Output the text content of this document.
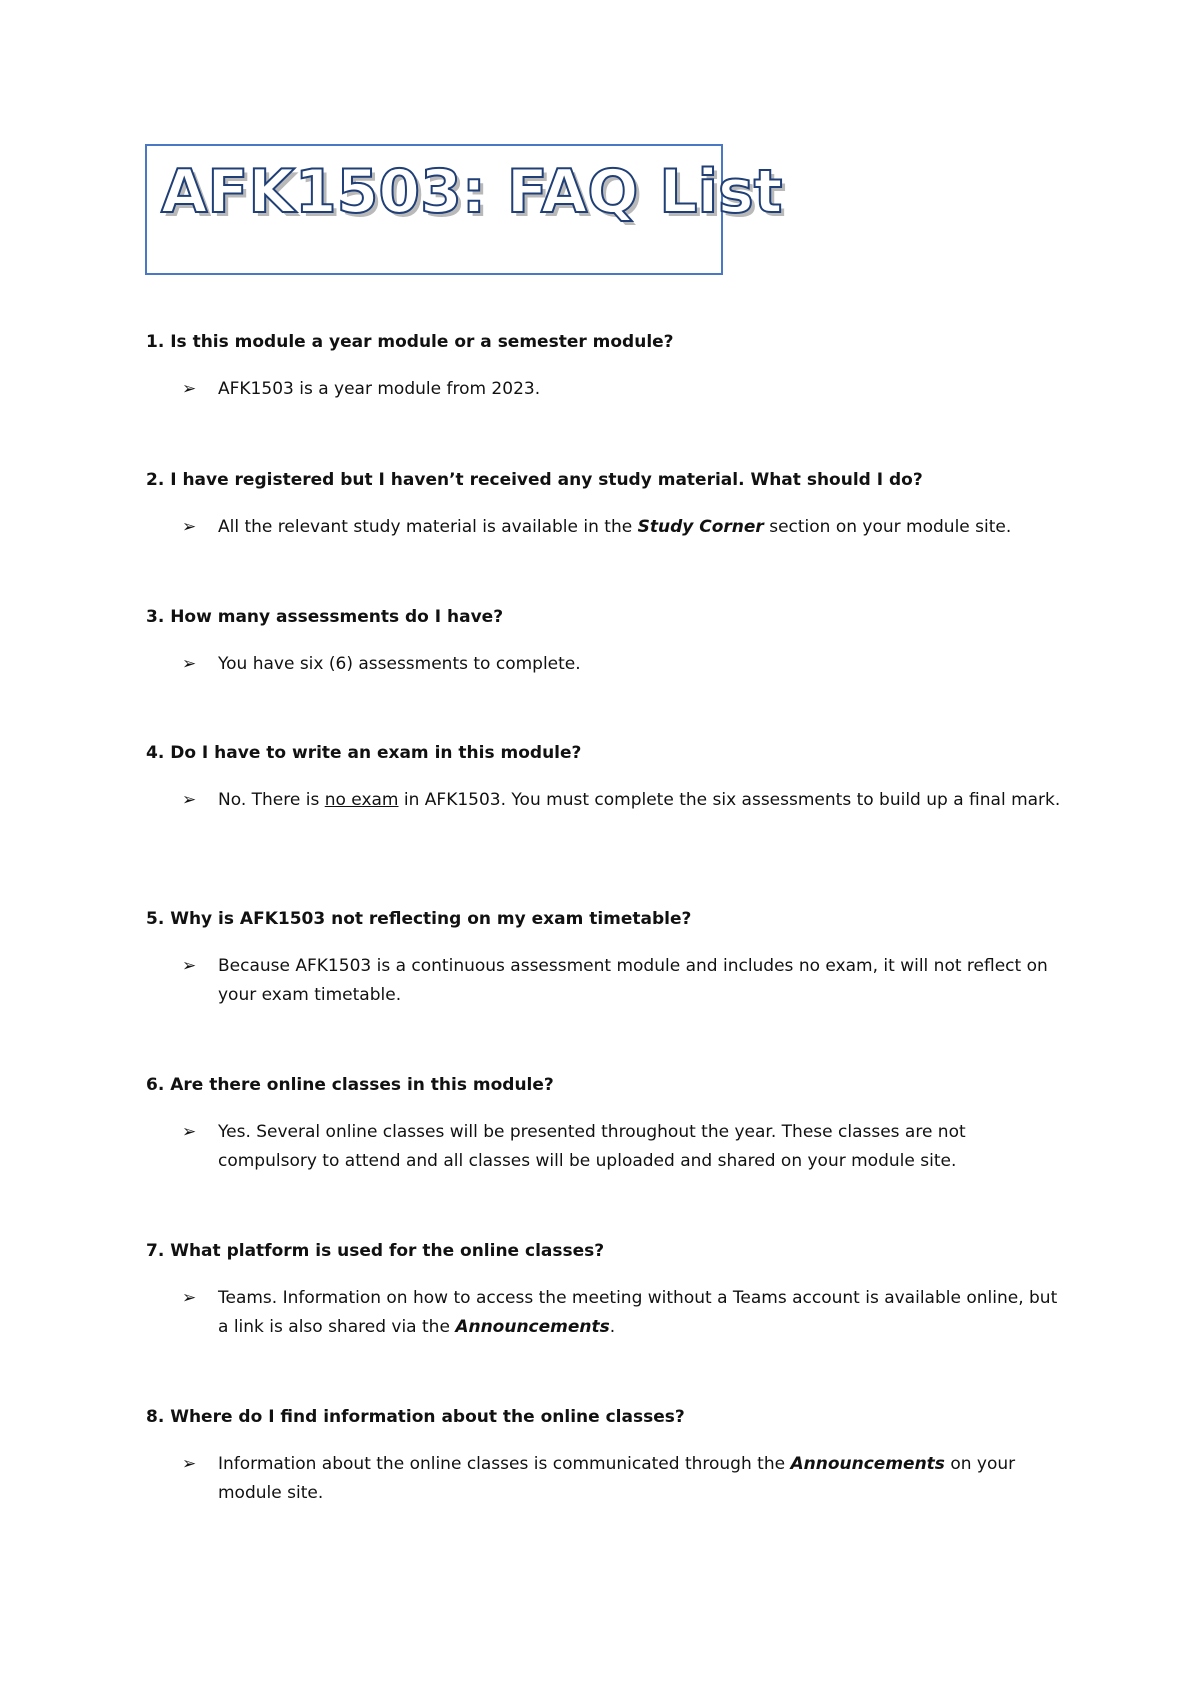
AFK1503: FAQ List
1. Is this module a year module or a semester module?
➢ AFK1503 is a year module from 2023.
2. I have registered but I haven’t received any study material. What should I do?
➢ All the relevant study material is available in the Study Corner section on your module site.
3. How many assessments do I have?
➢ You have six (6) assessments to complete.
4. Do I have to write an exam in this module?
➢ No. There is no exam in AFK1503. You must complete the six assessments to build up a final mark.
5. Why is AFK1503 not reflecting on my exam timetable?
➢ Because AFK1503 is a continuous assessment module and includes no exam, it will not reflect on your exam timetable.
6. Are there online classes in this module?
➢ Yes. Several online classes will be presented throughout the year. These classes are not compulsory to attend and all classes will be uploaded and shared on your module site.
7. What platform is used for the online classes?
➢ Teams. Information on how to access the meeting without a Teams account is available online, but a link is also shared via the Announcements.
8. Where do I find information about the online classes?
➢ Information about the online classes is communicated through the Announcements on your module site.
